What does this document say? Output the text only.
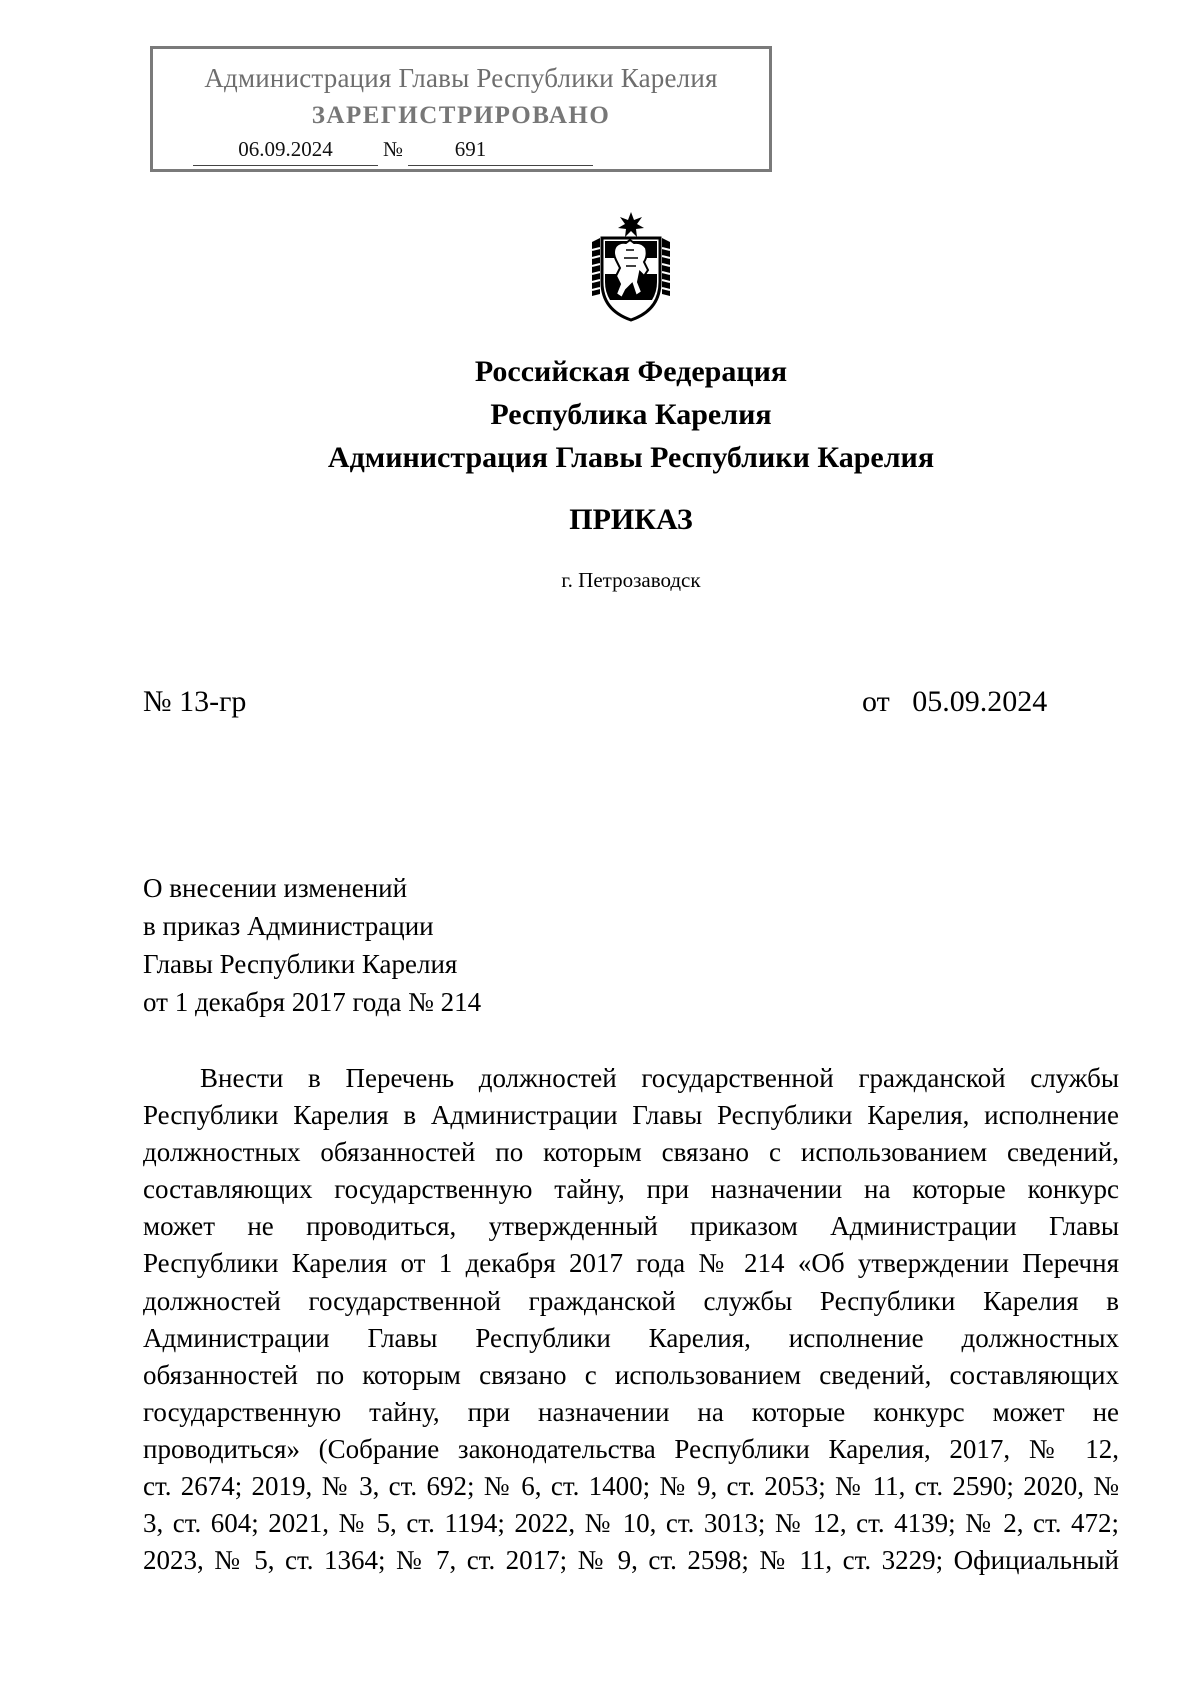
Администрация Главы Республики Карелия
ЗАРЕГИСТРИРОВАНО
06.09.2024	№	691
Российская Федерация
Республика Карелия
Администрация Главы Республики Карелия
ПРИКАЗ
г. Петрозаводск
№ 13-гр	от 05.09.2024
О внесении изменений
в приказ Администрации
Главы Республики Карелия
от 1 декабря 2017 года № 214
Внести в Перечень должностей государственной гражданской службы
Республики Карелия в Администрации Главы Республики Карелия, исполнение
должностных обязанностей по которым связано с использованием сведений,
составляющих государственную тайну, при назначении на которые конкурс
может не проводиться, утвержденный приказом Администрации Главы
Республики Карелия от 1 декабря 2017 года № 214 «Об утверждении Перечня
должностей государственной гражданской службы Республики Карелия в
Администрации Главы Республики Карелия, исполнение должностных
обязанностей по которым связано с использованием сведений, составляющих
государственную тайну, при назначении на которые конкурс может не
проводиться» (Собрание законодательства Республики Карелия, 2017, № 12,
ст. 2674; 2019, № 3, ст. 692; № 6, ст. 1400; № 9, ст. 2053; № 11, ст. 2590; 2020, №
3, ст. 604; 2021, № 5, ст. 1194; 2022, № 10, ст. 3013; № 12, ст. 4139; № 2, ст. 472;
2023, № 5, ст. 1364; № 7, ст. 2017; № 9, ст. 2598; № 11, ст. 3229; Официальный
